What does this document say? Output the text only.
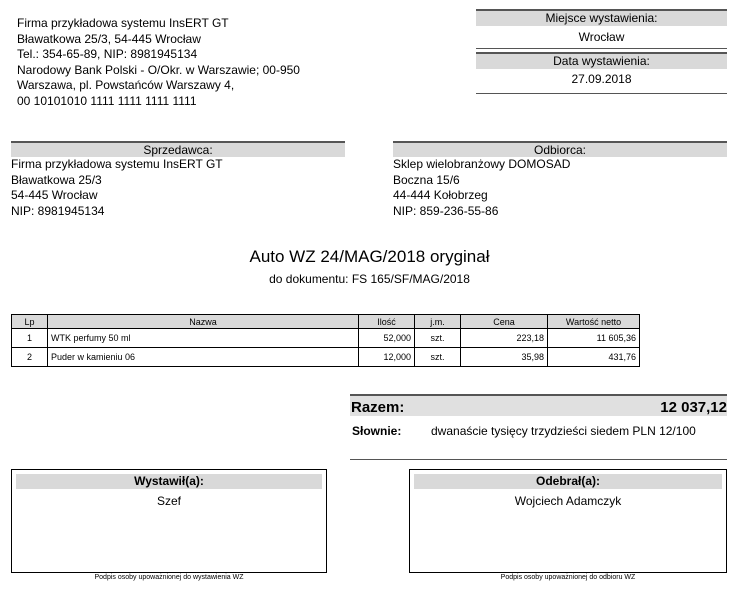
Firma przykładowa systemu InsERT GT
Bławatkowa 25/3, 54-445 Wrocław
Tel.: 354-65-89, NIP: 8981945134
Narodowy Bank Polski - O/Okr. w Warszawie; 00-950
Warszawa, pl. Powstańców Warszawy 4,
00 10101010 1111 1111 1111 1111
Miejsce wystawienia:
Wrocław
Data wystawienia:
27.09.2018
Sprzedawca:
Firma przykładowa systemu InsERT GT
Bławatkowa 25/3
54-445 Wrocław
NIP: 8981945134
Odbiorca:
Sklep wielobranżowy DOMOSAD
Boczna 15/6
44-444 Kołobrzeg
NIP: 859-236-55-86
Auto WZ 24/MAG/2018 oryginał
do dokumentu: FS 165/SF/MAG/2018
Lp	Nazwa	Ilość	j.m.	Cena	Wartość netto
1	WTK perfumy 50 ml	52,000	szt.	223,18	11 605,36
2	Puder w kamieniu 06	12,000	szt.	35,98	431,76
Razem:	12 037,12
Słownie: dwanaście tysięcy trzydzieści siedem PLN 12/100
Wystawił(a):
Szef
Podpis osoby upoważnionej do wystawienia WZ
Odebrał(a):
Wojciech Adamczyk
Podpis osoby upoważnionej do odbioru WZ
